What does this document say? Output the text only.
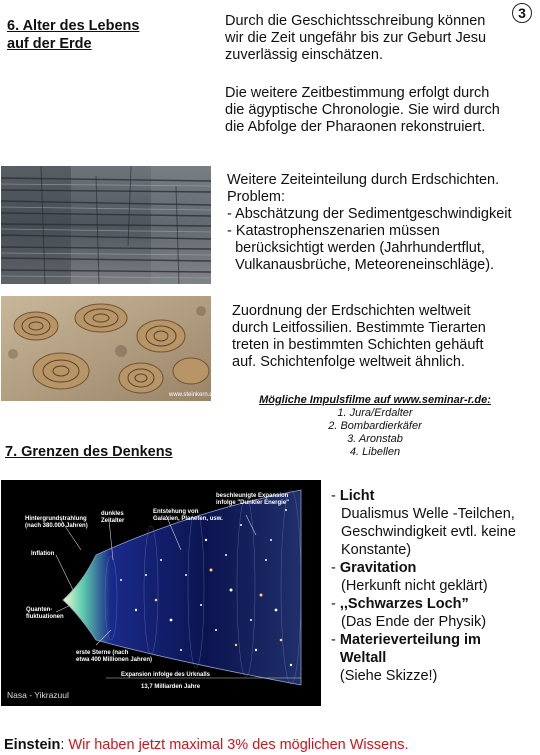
3
6. Alter des Lebens
auf der Erde
Durch die Geschichtsschreibung können
wir die Zeit ungefähr bis zur Geburt Jesu
zuverlässig einschätzen.
Die weitere Zeitbestimmung erfolgt durch
die ägyptische Chronologie. Sie wird durch
die Abfolge der Pharaonen rekonstruiert.
Weitere Zeiteinteilung durch Erdschichten.
Problem:
- Abschätzung der Sedimentgeschwindigkeit
- Katastrophenszenarien müssen
berücksichtigt werden (Jahrhundertflut,
Vulkanausbrüche, Meteoreneinschläge).
www.steinkern.de
Zuordnung der Erdschichten weltweit
durch Leitfossilien. Bestimmte Tierarten
treten in bestimmten Schichten gehäuft
auf. Schichtenfolge weltweit ähnlich.
Mögliche Impulsfilme auf www.seminar-r.de:
1. Jura/Erdalter
2. Bombardierkäfer
3. Aronstab
4. Libellen
7. Grenzen des Denkens
Hintergrundstrahlung
(nach 380.000 Jahren)
dunkles
Zeitalter
Entstehung von
Galaxien, Planeten, usw.
beschleunigte Expansion
infolge "Dunkler Energie"
Inflation
Quanten-
fluktuationen
erste Sterne (nach
etwa 400 Millionen Jahren)
Expansion infolge des Urknalls
13,7 Milliarden Jahre
Nasa - Yikrazuul
- Licht
Dualismus Welle -Teilchen,
Geschwindigkeit evtl. keine
Konstante)
- Gravitation
(Herkunft nicht geklärt)
- ,,Schwarzes Loch”
(Das Ende der Physik)
- Materieverteilung im
Weltall
(Siehe Skizze!)
Einstein: Wir haben jetzt maximal 3% des möglichen Wissens.
